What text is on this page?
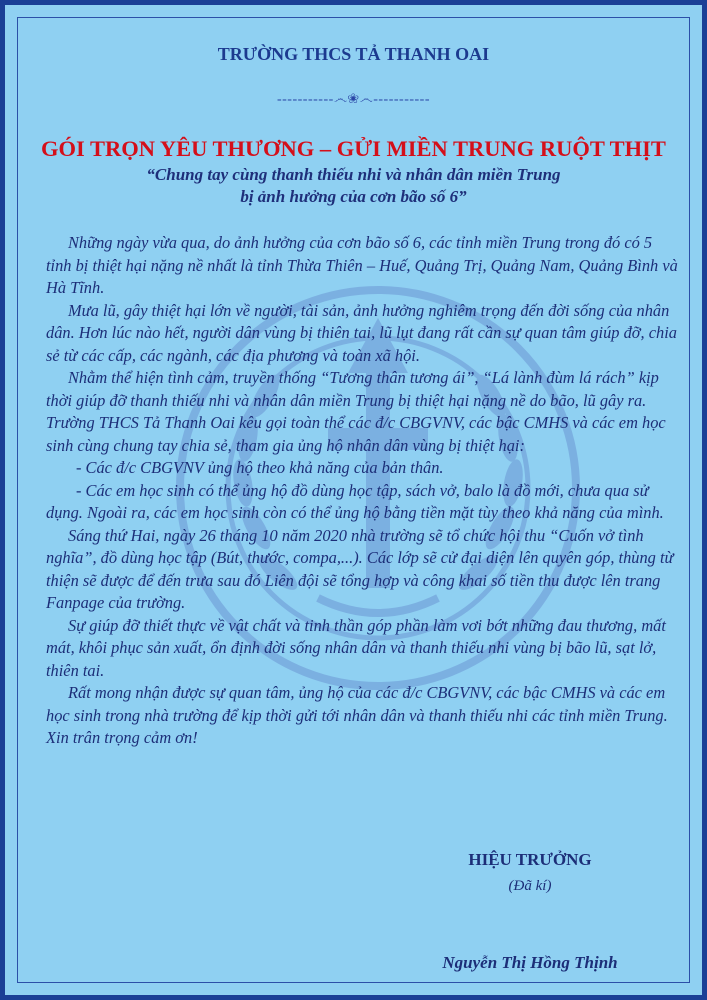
TRƯỜNG THCS TẢ THANH OAI
-----------෴❀෴-----------
GÓI TRỌN YÊU THƯƠNG – GỬI MIỀN TRUNG RUỘT THỊT
“Chung tay cùng thanh thiếu nhi và nhân dân miền Trung
bị ảnh hưởng của cơn bão số 6”

Những ngày vừa qua, do ảnh hưởng của cơn bão số 6, các tỉnh miền Trung trong đó có 5 tỉnh bị thiệt hại nặng nề nhất là tỉnh Thừa Thiên – Huế, Quảng Trị, Quảng Nam, Quảng Bình và Hà Tĩnh.

Mưa lũ, gây thiệt hại lớn về người, tài sản, ảnh hưởng nghiêm trọng đến đời sống của nhân dân. Hơn lúc nào hết, người dân vùng bị thiên tai, lũ lụt đang rất cần sự quan tâm giúp đỡ, chia sẻ từ các cấp, các ngành, các địa phương và toàn xã hội.

Nhằm thể hiện tình cảm, truyền thống “Tương thân tương ái”, “Lá lành đùm lá rách” kịp thời giúp đỡ thanh thiếu nhi và nhân dân miền Trung bị thiệt hại nặng nề do bão, lũ gây ra. Trường THCS Tả Thanh Oai kêu gọi toàn thể các đ/c CBGVNV, các bậc CMHS và các em học sinh cùng chung tay chia sẻ, tham gia ủng hộ nhân dân vùng bị thiệt hại:

- Các đ/c CBGVNV ủng hộ theo khả năng của bản thân.

- Các em học sinh có thể ủng hộ đồ dùng học tập, sách vở, balo là đồ mới, chưa qua sử dụng. Ngoài ra, các em học sinh còn có thể ủng hộ bằng tiền mặt tùy theo khả năng của mình.

Sáng thứ Hai, ngày 26 tháng 10 năm 2020 nhà trường sẽ tổ chức hội thu “Cuốn vở tình nghĩa”, đồ dùng học tập (Bút, thước, compa,...). Các lớp sẽ cử đại diện lên quyên góp, thùng từ thiện sẽ được để đến trưa sau đó Liên đội sẽ tổng hợp và công khai số tiền thu được lên trang Fanpage của trường.

Sự giúp đỡ thiết thực về vật chất và tinh thần góp phần làm vơi bớt những đau thương, mất mát, khôi phục sản xuất, ổn định đời sống nhân dân và thanh thiếu nhi vùng bị bão lũ, sạt lở, thiên tai.

Rất mong nhận được sự quan tâm, ủng hộ của các đ/c CBGVNV, các bậc CMHS và các em học sinh trong nhà trường để kịp thời gửi tới nhân dân và thanh thiếu nhi các tỉnh miền Trung.

Xin trân trọng cảm ơn!

HIỆU TRƯỞNG
(Đã kí)
Nguyễn Thị Hồng Thịnh
